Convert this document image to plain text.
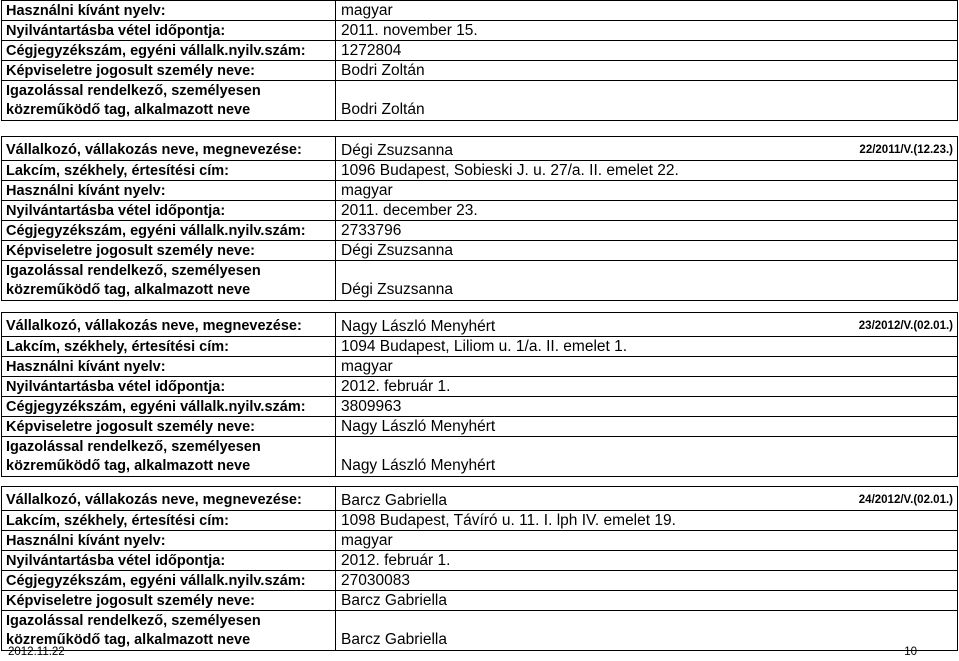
Használni kívánt nyelv:	magyar
Nyilvántartásba vétel időpontja:	2011. november 15.
Cégjegyzékszám, egyéni vállalk.nyilv.szám:	1272804
Képviseletre jogosult személy neve:	Bodri Zoltán
Igazolással rendelkező, személyesen
közreműködő tag, alkalmazott neve	Bodri Zoltán
Vállalkozó, vállakozás neve, megnevezése:	Dégi Zsuzsanna	22/2011/V.(12.23.)
Lakcím, székhely, értesítési cím:	1096 Budapest, Sobieski J. u. 27/a. II. emelet 22.
Használni kívánt nyelv:	magyar
Nyilvántartásba vétel időpontja:	2011. december 23.
Cégjegyzékszám, egyéni vállalk.nyilv.szám:	2733796
Képviseletre jogosult személy neve:	Dégi Zsuzsanna
Igazolással rendelkező, személyesen
közreműködő tag, alkalmazott neve	Dégi Zsuzsanna
Vállalkozó, vállakozás neve, megnevezése:	Nagy László Menyhért	23/2012/V.(02.01.)
Lakcím, székhely, értesítési cím:	1094 Budapest, Liliom u. 1/a. II. emelet 1.
Használni kívánt nyelv:	magyar
Nyilvántartásba vétel időpontja:	2012. február 1.
Cégjegyzékszám, egyéni vállalk.nyilv.szám:	3809963
Képviseletre jogosult személy neve:	Nagy László Menyhért
Igazolással rendelkező, személyesen
közreműködő tag, alkalmazott neve	Nagy László Menyhért
Vállalkozó, vállakozás neve, megnevezése:	Barcz Gabriella	24/2012/V.(02.01.)
Lakcím, székhely, értesítési cím:	1098 Budapest, Távíró u. 11. I. lph IV. emelet 19.
Használni kívánt nyelv:	magyar
Nyilvántartásba vétel időpontja:	2012. február 1.
Cégjegyzékszám, egyéni vállalk.nyilv.szám:	27030083
Képviseletre jogosult személy neve:	Barcz Gabriella
Igazolással rendelkező, személyesen
közreműködő tag, alkalmazott neve	Barcz Gabriella
2012.11.22	10
